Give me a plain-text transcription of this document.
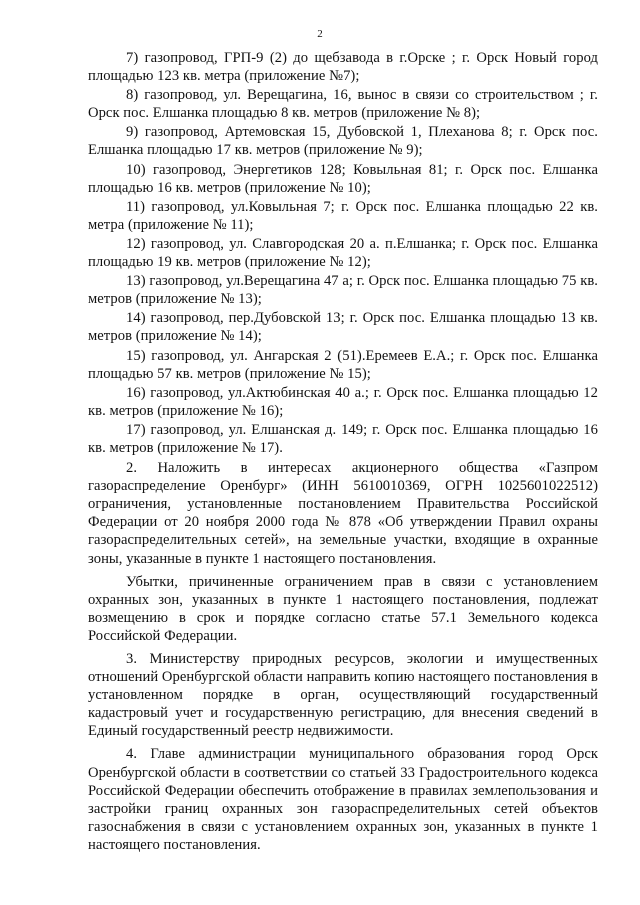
2

7) газопровод, ГРП-9 (2) до щебзавода в г.Орске ; г. Орск Новый город площадью 123 кв. метра (приложение №7);

8) газопровод, ул. Верещагина, 16, вынос в связи со строительством ; г. Орск пос. Елшанка площадью 8 кв. метров (приложение № 8);

9) газопровод, Артемовская 15, Дубовской 1, Плеханова 8; г. Орск пос. Елшанка площадью 17 кв. метров (приложение № 9);

10) газопровод, Энергетиков 128; Ковыльная 81; г. Орск пос. Елшанка площадью 16 кв. метров (приложение № 10);

11) газопровод, ул.Ковыльная 7; г. Орск пос. Елшанка площадью 22 кв. метра (приложение № 11);

12) газопровод, ул. Славгородская 20 а. п.Елшанка; г. Орск пос. Елшанка площадью 19 кв. метров (приложение № 12);

13) газопровод, ул.Верещагина 47 а; г. Орск пос. Елшанка площадью 75 кв. метров (приложение № 13);

14) газопровод, пер.Дубовской 13; г. Орск пос. Елшанка площадью 13 кв. метров (приложение № 14);

15) газопровод, ул. Ангарская 2 (51).Еремеев Е.А.; г. Орск пос. Елшанка площадью 57 кв. метров (приложение № 15);

16) газопровод, ул.Актюбинская 40 а.; г. Орск пос. Елшанка площадью 12 кв. метров (приложение № 16);

17) газопровод, ул. Елшанская д. 149; г. Орск пос. Елшанка площадью 16 кв. метров (приложение № 17).

2. Наложить в интересах акционерного общества «Газпром газораспределение Оренбург» (ИНН 5610010369, ОГРН 1025601022512) ограничения, установленные постановлением Правительства Российской Федерации от 20 ноября 2000 года № 878 «Об утверждении Правил охраны газораспределительных сетей», на земельные участки, входящие в охранные зоны, указанные в пункте 1 настоящего постановления.

Убытки, причиненные ограничением прав в связи с установлением охранных зон, указанных в пункте 1 настоящего постановления, подлежат возмещению в срок и порядке согласно статье 57.1 Земельного кодекса Российской Федерации.

3. Министерству природных ресурсов, экологии и имущественных отношений Оренбургской области направить копию настоящего постановления в установленном порядке в орган, осуществляющий государственный кадастровый учет и государственную регистрацию, для внесения сведений в Единый государственный реестр недвижимости.

4. Главе администрации муниципального образования город Орск Оренбургской области в соответствии со статьей 33 Градостроительного кодекса Российской Федерации обеспечить отображение в правилах землепользования и застройки границ охранных зон газораспределительных сетей объектов газоснабжения в связи с установлением охранных зон, указанных в пункте 1 настоящего постановления.
